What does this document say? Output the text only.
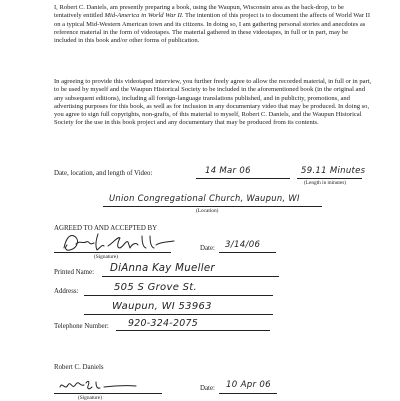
I, Robert C. Daniels, am presently preparing a book, using the Waupun, Wisconsin area as the back-drop, to be tentatively entitled Mid-America in World War II. The intention of this project is to document the affects of World War II on a typical Mid-Western American town and its citizens. In doing so, I am gathering personal stories and anecdotes as reference material in the form of videotapes. The material gathered in these videotapes, in full or in part, may be included in this book and/or other forms of publication.

In agreeing to provide this videotaped interview, you further freely agree to allow the recorded material, in full or in part, to be used by myself and the Waupun Historical Society to be included in the aforementioned book (in the original and any subsequent editions), including all foreign-language translations published, and in publicity, promotions, and advertising purposes for this book, as well as for inclusion in any documentary video that may be produced. In doing so, you agree to sign full copyrights, non-grafts, of this material to myself, Robert C. Daniels, and the Waupun Historical Society for the use in this book project and any documentary that may be produced from its contents.

Date, location, and length of Video:	14 Mar 06	59.11 Minutes
(Length in minutes)
Union Congregational Church, Waupun, WI
(Location)
AGREED TO AND ACCEPTED BY
(Signature)
Date: 3/14/06
Printed Name: DiAnna Kay Mueller
Address:	505 S Grove St.
Waupun, WI 53963
Telephone Number: 920-324-2075
Robert C. Daniels
(Signature)
Date: 10 Apr 06
